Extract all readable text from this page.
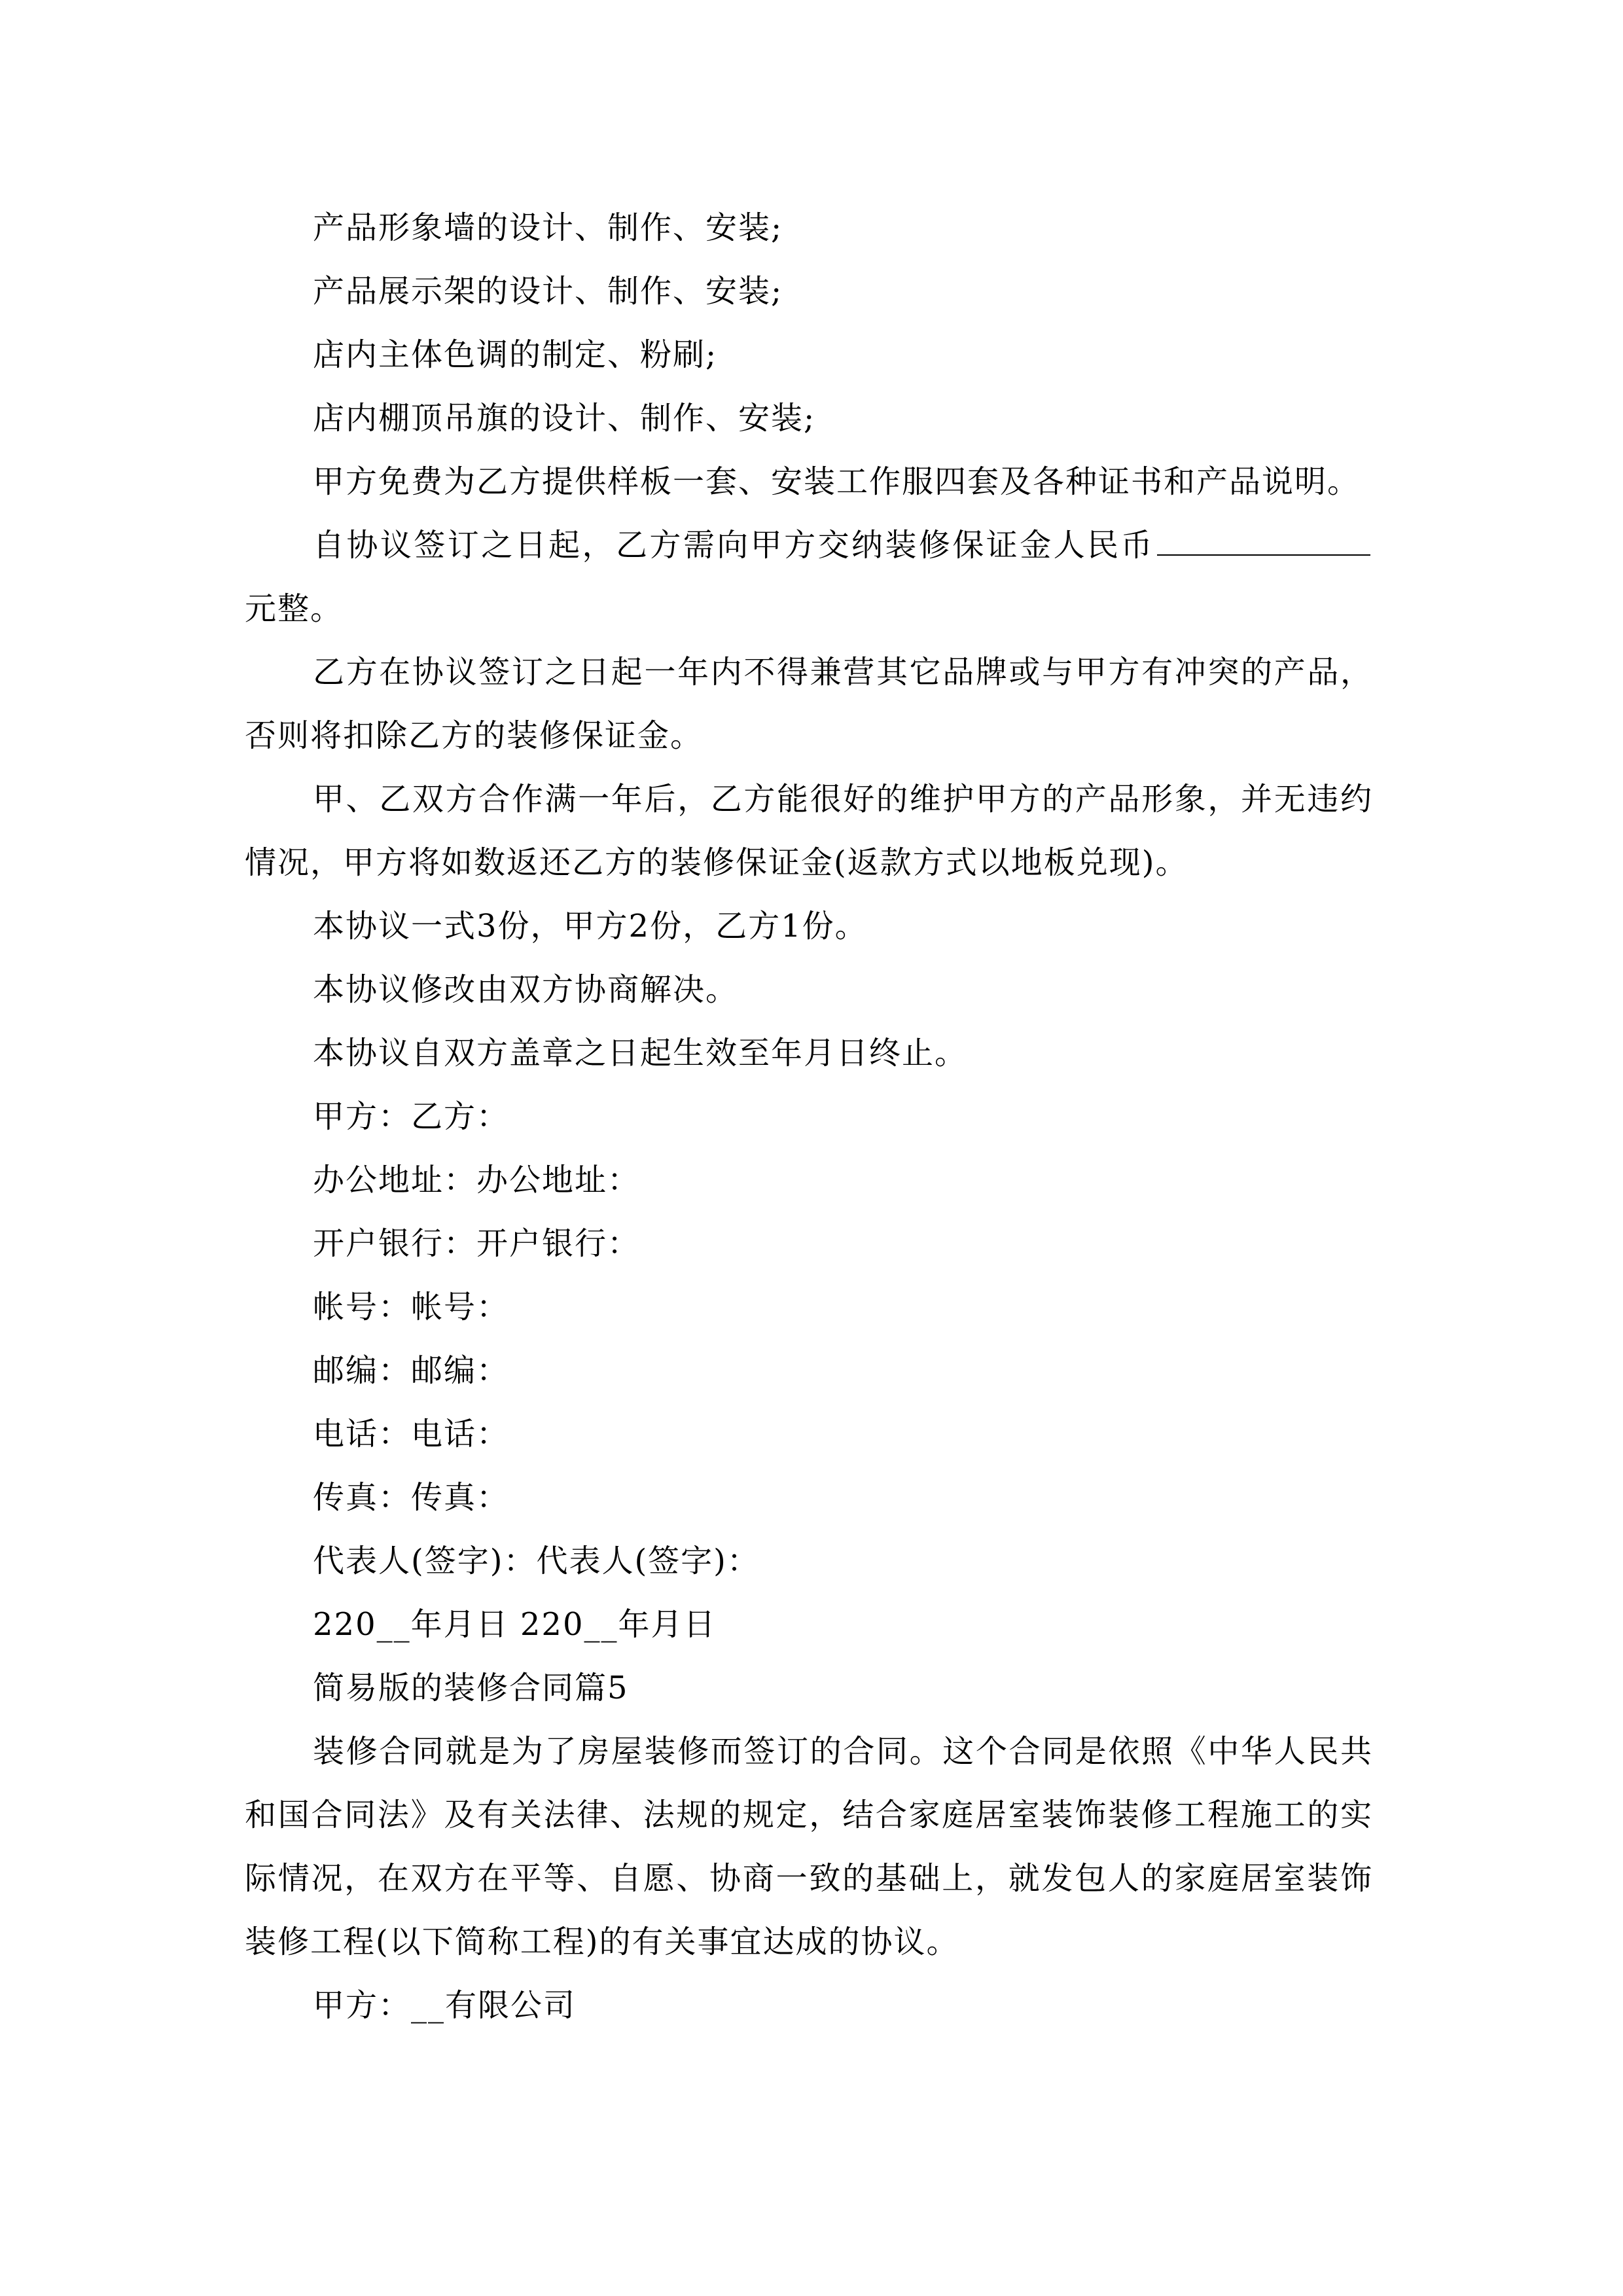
产品形象墙的设计、制作、安装;

产品展示架的设计、制作、安装;

店内主体色调的制定、粉刷;

店内棚顶吊旗的设计、制作、安装;

甲方免费为乙方提供样板一套、安装工作服四套及各种证书和产品说明。

自协议签订之日起，乙方需向甲方交纳装修保证金人民币元整。

乙方在协议签订之日起一年内不得兼营其它品牌或与甲方有冲突的产品，否则将扣除乙方的装修保证金。

甲、乙双方合作满一年后，乙方能很好的维护甲方的产品形象，并无违约情况，甲方将如数返还乙方的装修保证金(返款方式以地板兑现)。

本协议一式3份，甲方2份，乙方1份。

本协议修改由双方协商解决。

本协议自双方盖章之日起生效至年月日终止。

甲方：乙方：

办公地址：办公地址：

开户银行：开户银行：

帐号：帐号：

邮编：邮编：

电话：电话：

传真：传真：

代表人(签字)：代表人(签字)：

220__年月日 220__年月日

简易版的装修合同篇5

装修合同就是为了房屋装修而签订的合同。这个合同是依照《中华人民共和国合同法》及有关法律、法规的规定，结合家庭居室装饰装修工程施工的实际情况，在双方在平等、自愿、协商一致的基础上，就发包人的家庭居室装饰装修工程(以下简称工程)的有关事宜达成的协议。

甲方：__有限公司
